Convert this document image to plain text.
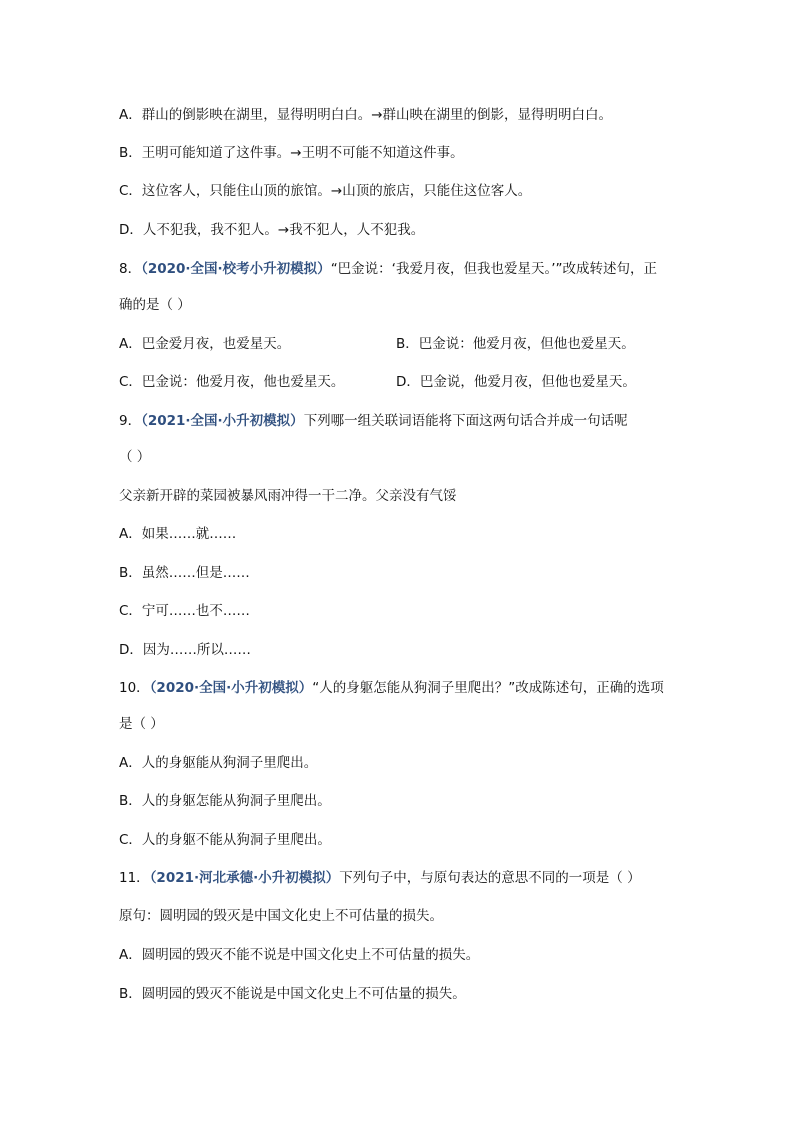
A．群山的倒影映在湖里，显得明明白白。→群山映在湖里的倒影，显得明明白白。
B．王明可能知道了这件事。→王明不可能不知道这件事。
C．这位客人，只能住山顶的旅馆。→山顶的旅店，只能住这位客人。
D．人不犯我，我不犯人。→我不犯人，人不犯我。
8．（2020·全国·校考小升初模拟）“巴金说：‘我爱月夜，但我也爱星天。’”改成转述句，正
确的是（ ）
A．巴金爱月夜，也爱星天。	B．巴金说：他爱月夜，但他也爱星天。
C．巴金说：他爱月夜，他也爱星天。	D．巴金说，他爱月夜，但他也爱星天。
9．（2021·全国·小升初模拟）下列哪一组关联词语能将下面这两句话合并成一句话呢
（ ）
父亲新开辟的菜园被暴风雨冲得一干二净。父亲没有气馁
A．如果……就……
B．虽然……但是……
C．宁可……也不……
D．因为……所以……
10．（2020·全国·小升初模拟）“人的身躯怎能从狗洞子里爬出？”改成陈述句，正确的选项
是（ ）
A．人的身躯能从狗洞子里爬出。
B．人的身躯怎能从狗洞子里爬出。
C．人的身躯不能从狗洞子里爬出。
11．（2021·河北承德·小升初模拟）下列句子中，与原句表达的意思不同的一项是（ ）
原句：圆明园的毁灭是中国文化史上不可估量的损失。
A．圆明园的毁灭不能不说是中国文化史上不可估量的损失。
B．圆明园的毁灭不能说是中国文化史上不可估量的损失。
